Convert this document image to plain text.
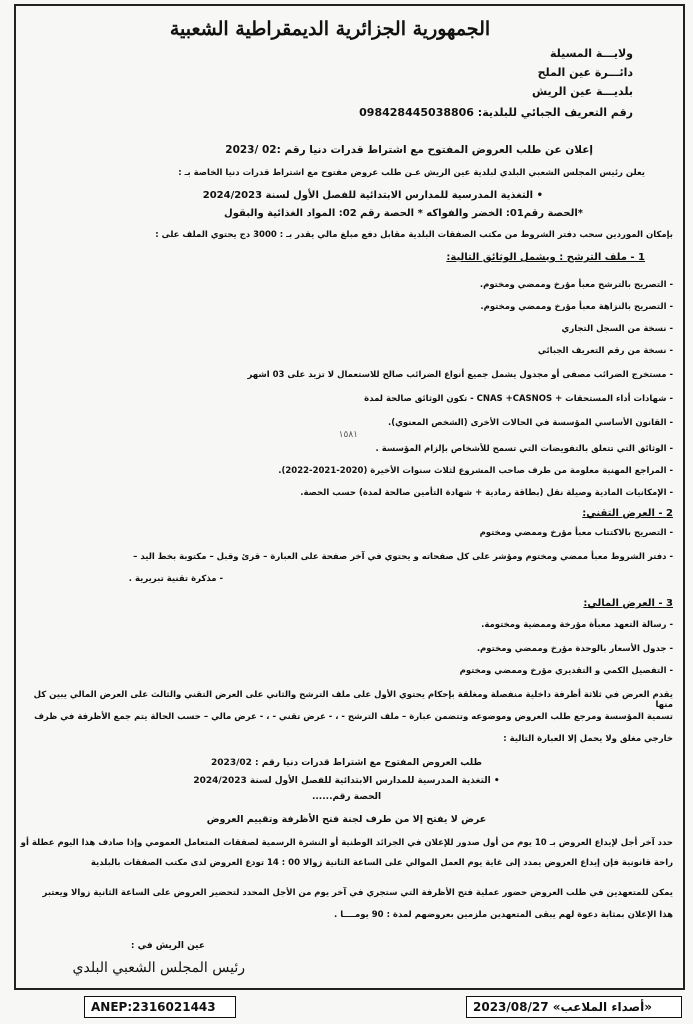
الجمهورية الجزائرية الديمقراطية الشعبية
ولايـــة المسيلة
دائـــرة عين الملح
بلديـــة عين الريش
رقم التعريف الجبائي للبلدية: 098428445038806
إعلان عن طلب العروض المفتوح مع اشتراط قدرات دنيا رقم :02 /2023
يعلن رئيس المجلس الشعبي البلدي لبلدية عين الريش عـن طلب عروض مفتوح مع اشتراط قدرات دنيا الخاصة بـ :
• التغذية المدرسية للمدارس الابتدائية للفصل الأول لسنة 2024/2023
*الحصة رقم01: الخضر والفواكه * الحصة رقم 02: المواد الغذائية والبقول
بإمكان الموردين سحب دفتر الشروط من مكتب الصفقات البلدية مقابل دفع مبلغ مالي يقدر بـ : 3000 دج يحتوي الملف على :
1 - ملف الترشح : ويشمل الوثائق التالية:
- التصريح بالترشح معبأ مؤرخ وممضي ومختوم.
- التصريح بالنزاهة معبأ مؤرخ وممضي ومختوم.
- نسخة من السجل التجاري
- نسخة من رقم التعريف الجبائي
- مستخرج الضرائب مصفى أو مجدول يشمل جميع أنواع الضرائب صالح للاستعمال لا تزيد على 03 اشهر
- شهادات أداء المستحقات + CNAS +CASNOS - تكون الوثائق صالحة لمدة
- القانون الأساسي المؤسسة في الحالات الأخرى (الشخص المعنوي).
١٥٨١
- الوثائق التي تتعلق بالتفويضات التي تسمح للأشخاص بإلزام المؤسسة .
- المراجع المهنية معلومة من طرف صاحب المشروع لثلاث سنوات الأخيرة (2020-2021-2022).
- الإمكانيات المادية وصيلة نقل (بطاقة رمادية + شهادة التأمين صالحة لمدة) حسب الحصة.
2 - العرض التقني:
- التصريح بالاكتتاب معبأ مؤرخ وممضي ومختوم
- دفتر الشروط معبأ ممضي ومختوم ومؤشر على كل صفحاته و يحتوي في آخر صفحة على العبارة – قرئ وقبل – مكتوبة بخط اليد –
- مذكرة تقنية تبريرية .
3 - العرض المالي:
- رسالة التعهد معبأة مؤرخة وممضية ومختومة.
- جدول الأسعار بالوحدة مؤرخ وممضي ومختوم.
- التفصيل الكمي و التقديري مؤرخ وممضي ومختوم
يقدم العرض في ثلاثة أظرفة داخلية منفصلة ومغلقة بإحكام يحتوي الأول على ملف الترشح والثاني على العرض التقني والثالث على العرض المالي يبين كل منها
تسمية المؤسسة ومرجع طلب العروض وموضوعه وتتضمن عبارة – ملف الترشح - ، - عرض تقني - ، - عرض مالي – حسب الحالة يتم جمع الأظرفة في ظرف
خارجي مغلق ولا يحمل إلا العبارة التالية :
طلب العروض المفتوح مع اشتراط قدرات دنيا رقم : 2023/02
• التغذية المدرسية للمدارس الابتدائية للفصل الأول لسنة 2024/2023
الحصة رقم......
عرض لا يفتح إلا من طرف لجنة فتح الأظرفة وتقييم العروض
حدد آخر أجل لإيداع العروض بـ 10 يوم من أول صدور للإعلان في الجرائد الوطنية أو النشرة الرسمية لصفقات المتعامل العمومي وإذا صادف هذا اليوم عطلة أو
راحة قانونية فإن إيداع العروض يمدد إلى غاية يوم العمل الموالي على الساعة الثانية زوالا 00 : 14 تودع العروض لدى مكتب الصفقات بالبلدية
يمكن للمتعهدين في طلب العروض حضور عملية فتح الأظرفة التي ستجري في آخر يوم من الأجل المحدد لتحضير العروض على الساعة الثانية زوالا ويعتبر
هذا الإعلان بمثابة دعوة لهم يبقى المتعهدين ملزمين بعروضهم لمدة : 90 يومــــا .
عين الريش في :
رئيس المجلس الشعبي البلدي
ANEP:2316021443	«أصداء الملاعب» 2023/08/27
